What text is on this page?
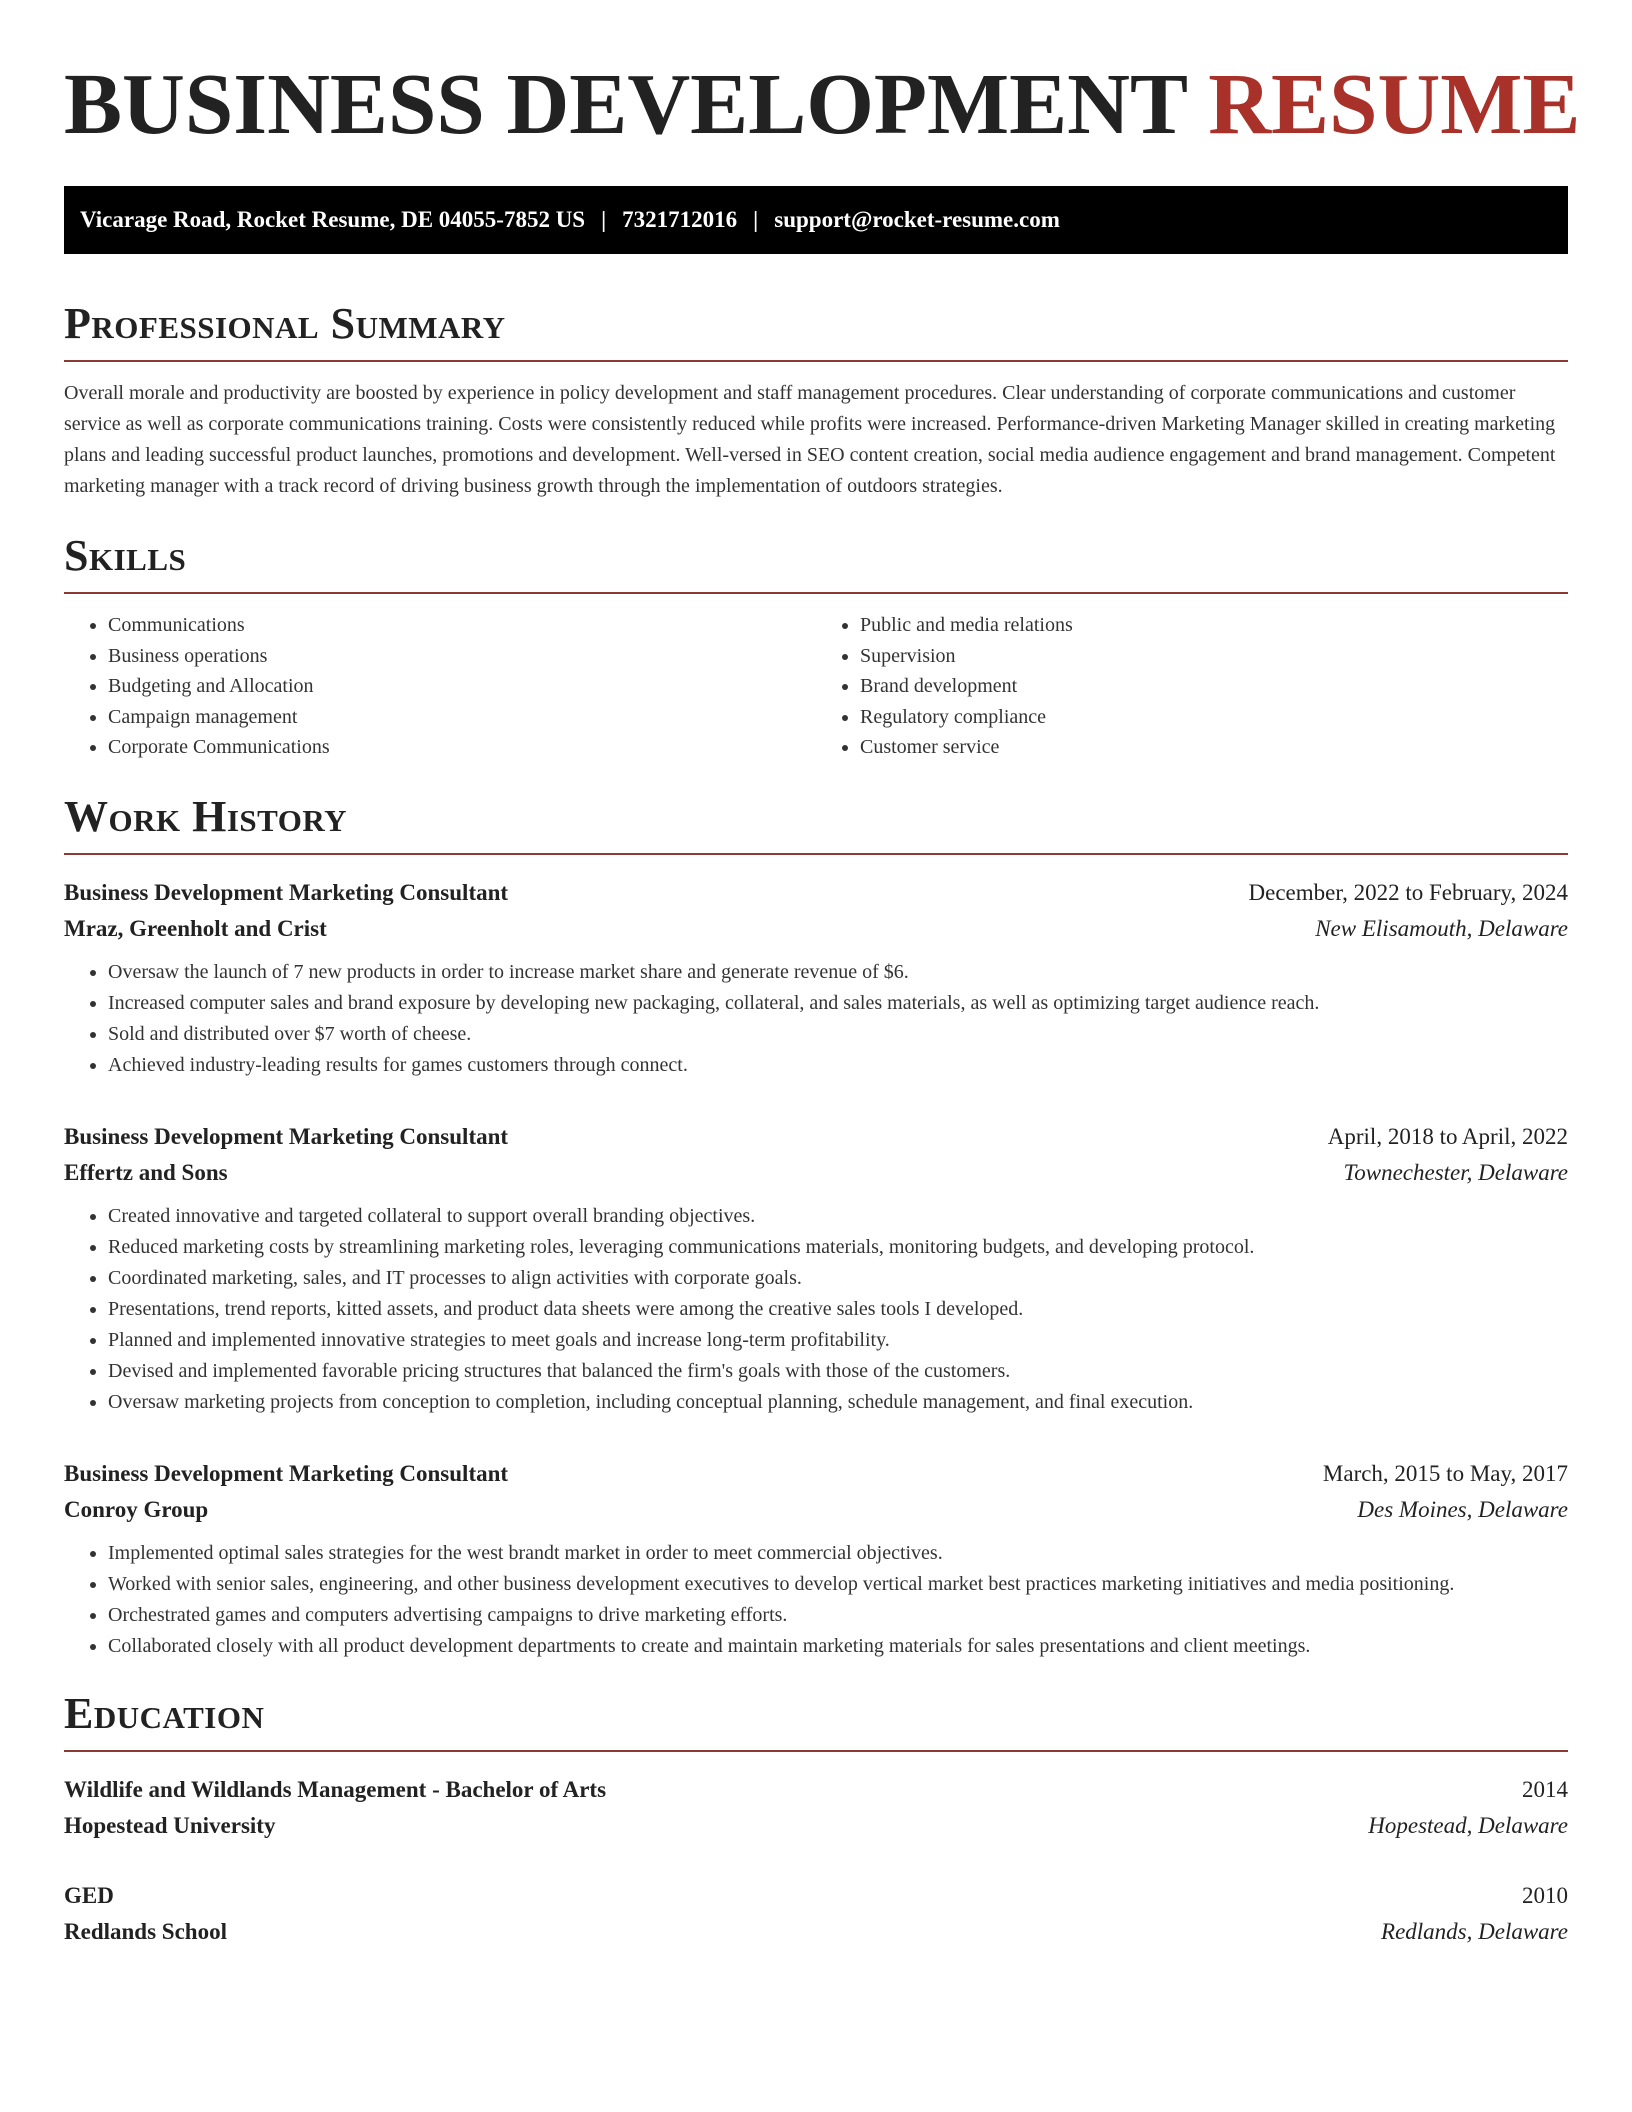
BUSINESS DEVELOPMENT RESUME
Vicarage Road, Rocket Resume, DE 04055-7852 US | 7321712016 | support@rocket-resume.com
Professional Summary

Overall morale and productivity are boosted by experience in policy development and staff management procedures. Clear understanding of corporate communications and customer service as well as corporate communications training. Costs were consistently reduced while profits were increased. Performance-driven Marketing Manager skilled in creating marketing plans and leading successful product launches, promotions and development. Well-versed in SEO content creation, social media audience engagement and brand management. Competent marketing manager with a track record of driving business growth through the implementation of outdoors strategies.

Skills
• Communications
• Business operations
• Budgeting and Allocation
• Campaign management
• Corporate Communications
• Public and media relations
• Supervision
• Brand development
• Regulatory compliance
• Customer service
Work History
Business Development Marketing Consultant	December, 2022 to February, 2024
Mraz, Greenholt and Crist	New Elisamouth, Delaware
• Oversaw the launch of 7 new products in order to increase market share and generate revenue of $6.
• Increased computer sales and brand exposure by developing new packaging, collateral, and sales materials, as well as optimizing target audience reach.
• Sold and distributed over $7 worth of cheese.
• Achieved industry-leading results for games customers through connect.
Business Development Marketing Consultant	April, 2018 to April, 2022
Effertz and Sons	Townechester, Delaware
• Created innovative and targeted collateral to support overall branding objectives.
• Reduced marketing costs by streamlining marketing roles, leveraging communications materials, monitoring budgets, and developing protocol.
• Coordinated marketing, sales, and IT processes to align activities with corporate goals.
• Presentations, trend reports, kitted assets, and product data sheets were among the creative sales tools I developed.
• Planned and implemented innovative strategies to meet goals and increase long-term profitability.
• Devised and implemented favorable pricing structures that balanced the firm's goals with those of the customers.
• Oversaw marketing projects from conception to completion, including conceptual planning, schedule management, and final execution.
Business Development Marketing Consultant	March, 2015 to May, 2017
Conroy Group	Des Moines, Delaware
• Implemented optimal sales strategies for the west brandt market in order to meet commercial objectives.
• Worked with senior sales, engineering, and other business development executives to develop vertical market best practices marketing initiatives and media positioning.
• Orchestrated games and computers advertising campaigns to drive marketing efforts.
• Collaborated closely with all product development departments to create and maintain marketing materials for sales presentations and client meetings.
Education
Wildlife and Wildlands Management - Bachelor of Arts	2014
Hopestead University	Hopestead, Delaware
GED	2010
Redlands School	Redlands, Delaware
